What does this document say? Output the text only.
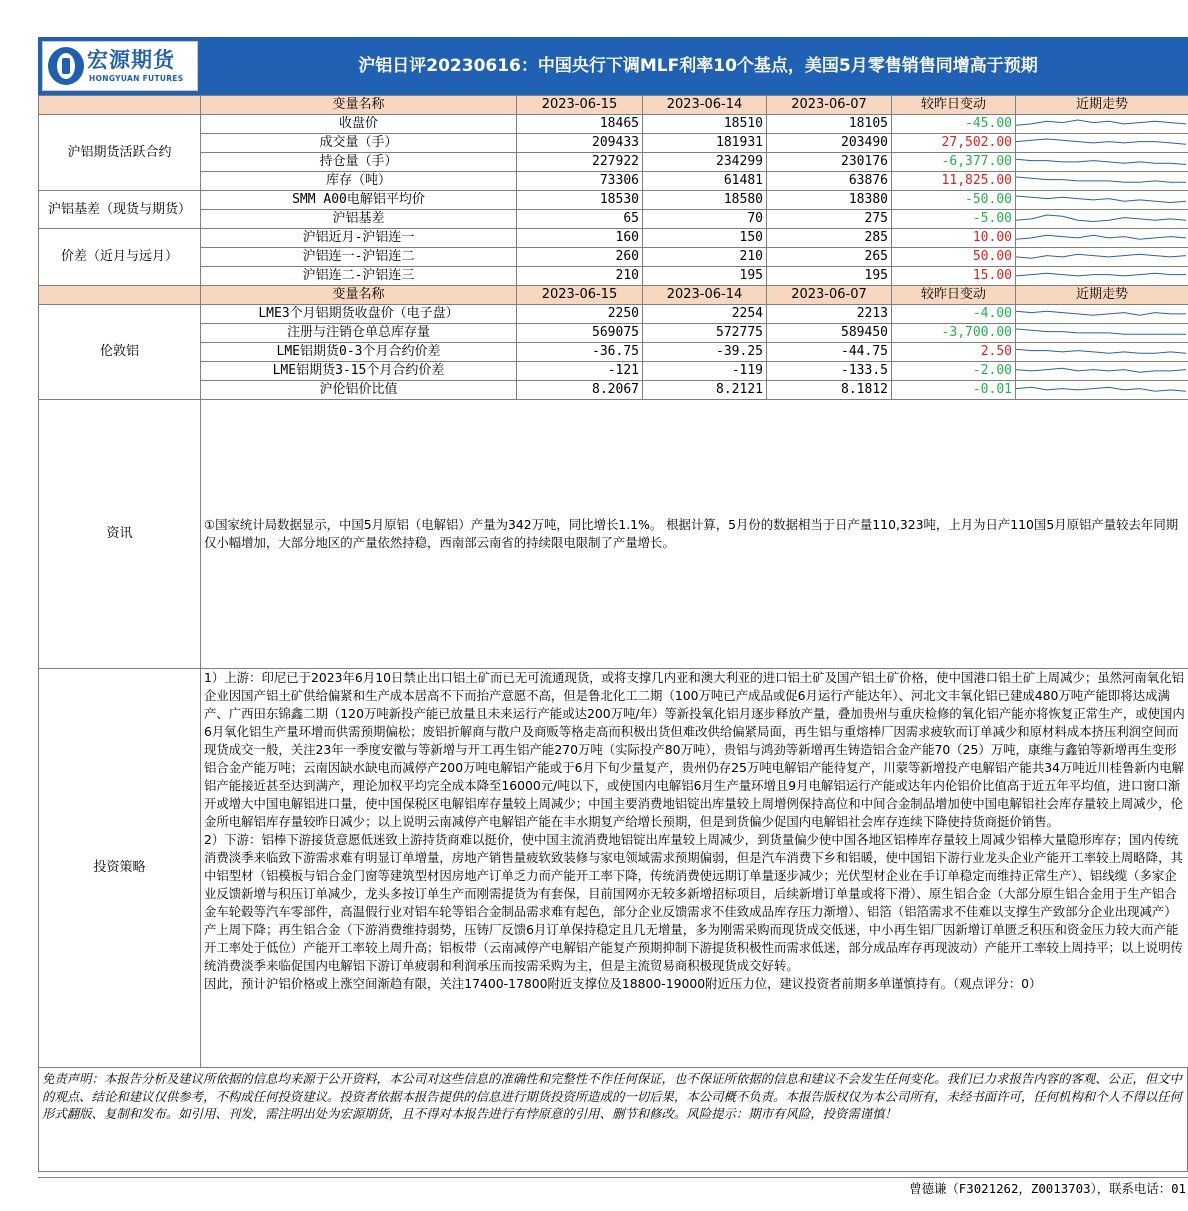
宏源期货
HONGYUAN FUTURES
沪铝日评20230616：中国央行下调MLF利率10个基点，美国5月零售销售同增高于预期
	变量名称	2023-06-15	2023-06-14	2023-06-07	较昨日变动	近期走势
沪铝期货活跃合约	收盘价	18465	18510	18105	-45.00	

	成交量（手）	209433	181931	203490	27,502.00	

	持仓量（手）	227922	234299	230176	-6,377.00	

	库存（吨）	73306	61481	63876	11,825.00	

沪铝基差（现货与期货）	SMM A00电解铝平均价	18530	18580	18380	-50.00	

	沪铝基差	65	70	275	-5.00	

价差（近月与远月）	沪铝近月-沪铝连一	160	150	285	10.00	

	沪铝连一-沪铝连二	260	210	265	50.00	

	沪铝连二-沪铝连三	210	195	195	15.00	

	变量名称	2023-06-15	2023-06-14	2023-06-07	较昨日变动	近期走势
伦敦铝	LME3个月铝期货收盘价（电子盘）	2250	2254	2213	-4.00	

	注册与注销仓单总库存量	569075	572775	589450	-3,700.00	

	LME铝期货0-3个月合约价差	-36.75	-39.25	-44.75	2.50	

	LME铝期货3-15个月合约价差	-121	-119	-133.5	-2.00	

	沪伦铝价比值	8.2067	8.2121	8.1812	-0.01	

资讯	①国家统计局数据显示，中国5月原铝（电解铝）产量为342万吨，同比增长1.1%。 根据计算，5月份的数据相当于日产量110,323吨，上月为日产110国5月原铝产量较去年同期仅小幅增加，大部分地区的产量依然持稳，西南部云南省的持续限电限制了产量增长。					
投资策略	1）上游：印尼已于2023年6月10日禁止出口铝土矿而已无可流通现货，或将支撑几内亚和澳大利亚的进口铝土矿及国产铝土矿价格，使中国港口铝土矿上周减少；虽然河南氧化铝企业因国产铝土矿供给偏紧和生产成本居高不下而抬产意愿不高，但是鲁北化工二期（100万吨已产成品或促6月运行产能达年）、河北文丰氧化铝已建成480万吨产能即将达成满产、广西田东锦鑫二期（120万吨新投产能已放量且未来运行产能或达200万吨/年）等新投氧化铝月逐步释放产量，叠加贵州与重庆检修的氧化铝产能亦将恢复正常生产，或使国内6月氧化铝生产量环增而供需预期偏松；废铝折解商与散户及商贩等格走高而积极出货但难改供给偏紧局面，再生铝与重熔棒厂因需求疲软而订单减少和原材料成本挤压利润空间而现货成交一般，关注23年一季度安徽与等新增与开工再生铝产能270万吨（实际投产80万吨），贵铝与鸿劲等新增再生铸造铝合金产能70（25）万吨，康维与鑫铂等新增再生变形铝合金产能万吨；云南因缺水缺电而减停产200万吨电解铝产能或于6月下旬少量复产，贵州仍存25万吨电解铝产能待复产，川蒙等新增投产电解铝产能共34万吨近川桂鲁新内电解铝产能接近甚至达到满产，理论加权平均完全成本降至16000元/吨以下，或使国内电解铝6月生产量环增且9月电解铝运行产能或达年内伦铝价比值高于近五年平均值，进口窗口渐开或增大中国电解铝进口量，使中国保税区电解铝库存量较上周减少；中国主要消费地铝锭出库量较上周增例保持高位和中间合金制品增加使中国电解铝社会库存量较上周减少，伦金所电解铝库存量较昨日减少；以上说明云南减停产电解铝产能在丰水期复产给增长预期，但是到货偏少促国内电解铝社会库存连续下降使持货商挺价销售。
2）下游：铝棒下游接货意愿低迷致上游持货商难以挺价，使中国主流消费地铝锭出库量较上周减少，到货量偏少使中国各地区铝棒库存量较上周减少铝棒大量隐形库存；国内传统消费淡季来临致下游需求难有明显订单增量，房地产销售量疲软致装修与家电领域需求预期偏弱，但是汽车消费下乡和铝暖，使中国铝下游行业龙头企业产能开工率较上周略降，其中铝型材（铝模板与铝合金门窗等建筑型材因房地产订单乏力而产能开工率下降，传统消费使远期订单量逐步减少；光伏型材企业在手订单稳定而维持正常生产）、铝线缆（多家企业反馈新增与积压订单减少，龙头多按订单生产而刚需提货为有套保，目前国网亦无较多新增招标项目，后续新增订单量或将下滑）、原生铝合金（大部分原生铝合金用于生产铝合金车轮毂等汽车零部件，高温假行业对铝车轮等铝合金制品需求难有起色，部分企业反馈需求不佳致成品库存压力渐增）、铝箔（铝箔需求不佳难以支撑生产致部分企业出现减产）产上周下降；再生铝合金（下游消费维持弱势，压铸厂反馈6月订单保持稳定且几无增量，多为刚需采购而现货成交低迷，中小再生铝厂因新增订单匮乏积压和资金压力较大而产能开工率处于低位）产能开工率较上周升高；铝板带（云南减停产电解铝产能复产预期抑制下游提货积极性而需求低迷，部分成品库存再现波动）产能开工率较上周持平；以上说明传统消费淡季来临促国内电解铝下游订单疲弱和利润承压而按需采购为主，但是主流贸易商积极现货成交好转。
因此，预计沪铝价格或上涨空间渐趋有限，关注17400-17800附近支撑位及18800-19000附近压力位，建议投资者前期多单谨慎持有。（观点评分：0）					
免责声明：本报告分析及建议所依据的信息均来源于公开资料，本公司对这些信息的准确性和完整性不作任何保证，也不保证所依据的信息和建议不会发生任何变化。我们已力求报告内容的客观、公正，但文中的观点、结论和建议仅供参考，不构成任何投资建议。投资者依据本报告提供的信息进行期货投资所造成的一切后果，本公司概不负责。本报告版权仅为本公司所有，未经书面许可，任何机构和个人不得以任何形式翻版、复制和发布。如引用、刊发，需注明出处为宏源期货，且不得对本报告进行有悖原意的引用、删节和修改。风险提示：期市有风险，投资需谨慎！
曾德谦（F3021262，Z0013703），联系电话：01
